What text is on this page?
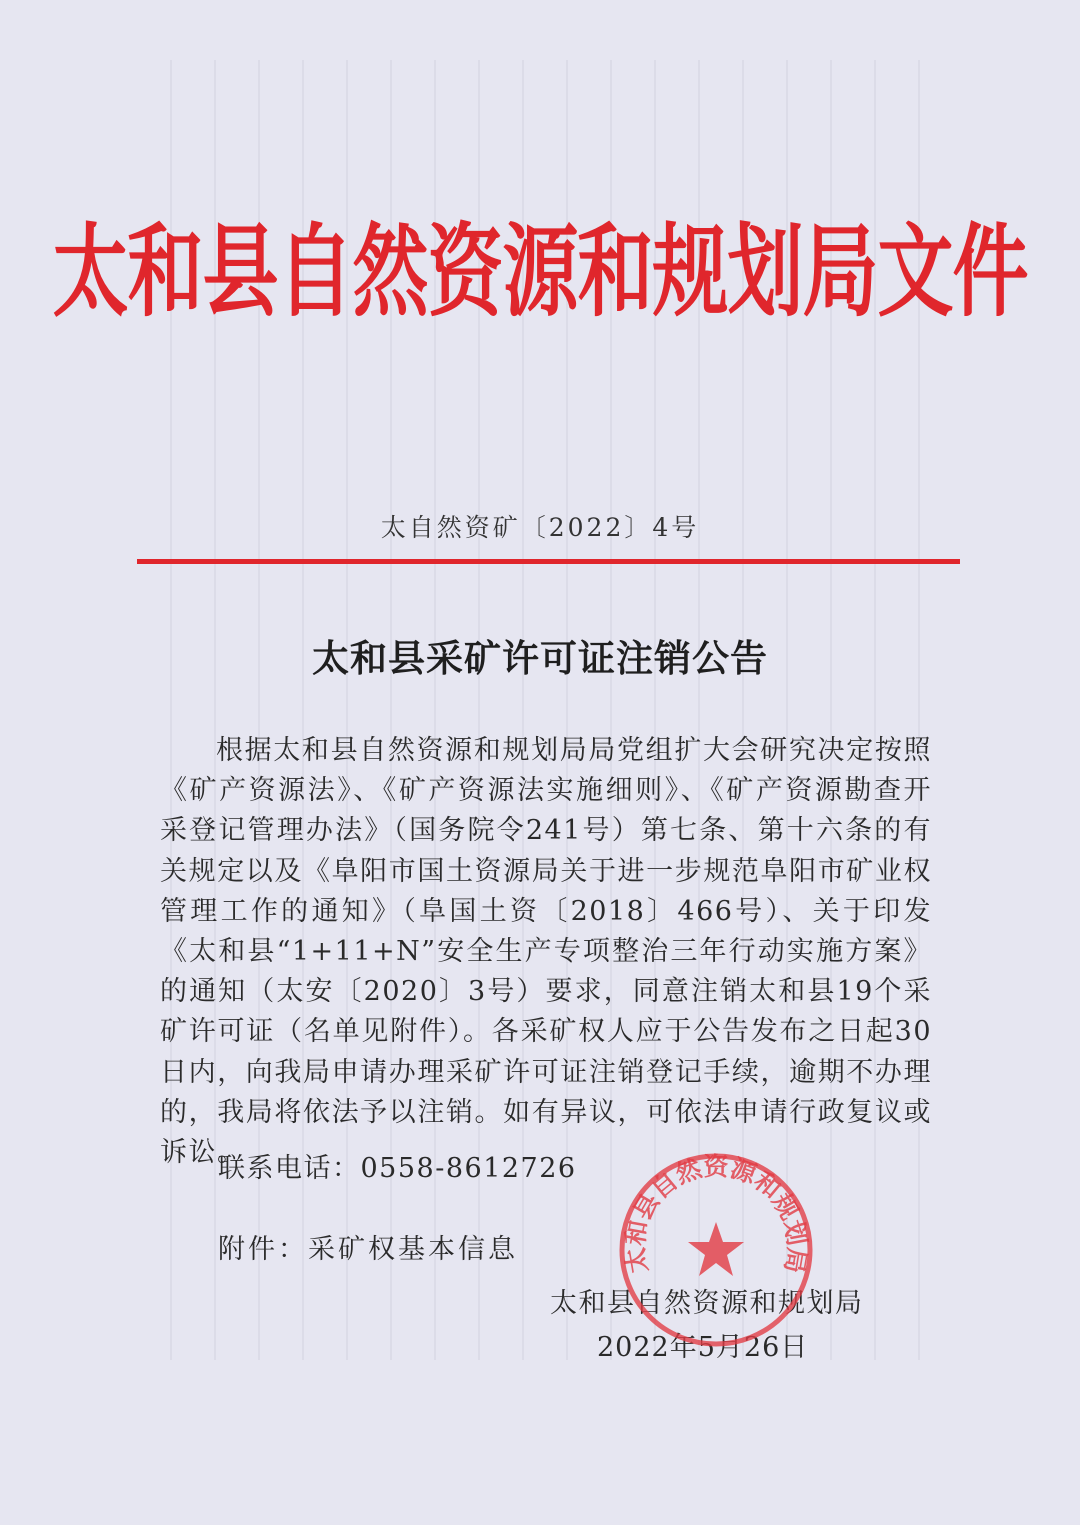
太和县自然资源和规划局文件
太自然资矿〔2022〕4号
太和县采矿许可证注销公告

根据太和县自然资源和规划局局党组扩大会研究决定按照《矿产资源法》、《矿产资源法实施细则》、《矿产资源勘查开采登记管理办法》（国务院令241号）第七条、第十六条的有关规定以及《阜阳市国土资源局关于进一步规范阜阳市矿业权管理工作的通知》（阜国土资〔2018〕466号）、关于印发《太和县“1+11+N”安全生产专项整治三年行动实施方案》的通知（太安〔2020〕3号）要求，同意注销太和县19个采矿许可证（名单见附件）。各采矿权人应于公告发布之日起30日内，向我局申请办理采矿许可证注销登记手续，逾期不办理的，我局将依法予以注销。如有异议，可依法申请行政复议或诉讼。

联系电话：0558-8612726
附件：采矿权基本信息
太和县自然资源和规划局
2022年5月26日
太和县自然资源和规划局
